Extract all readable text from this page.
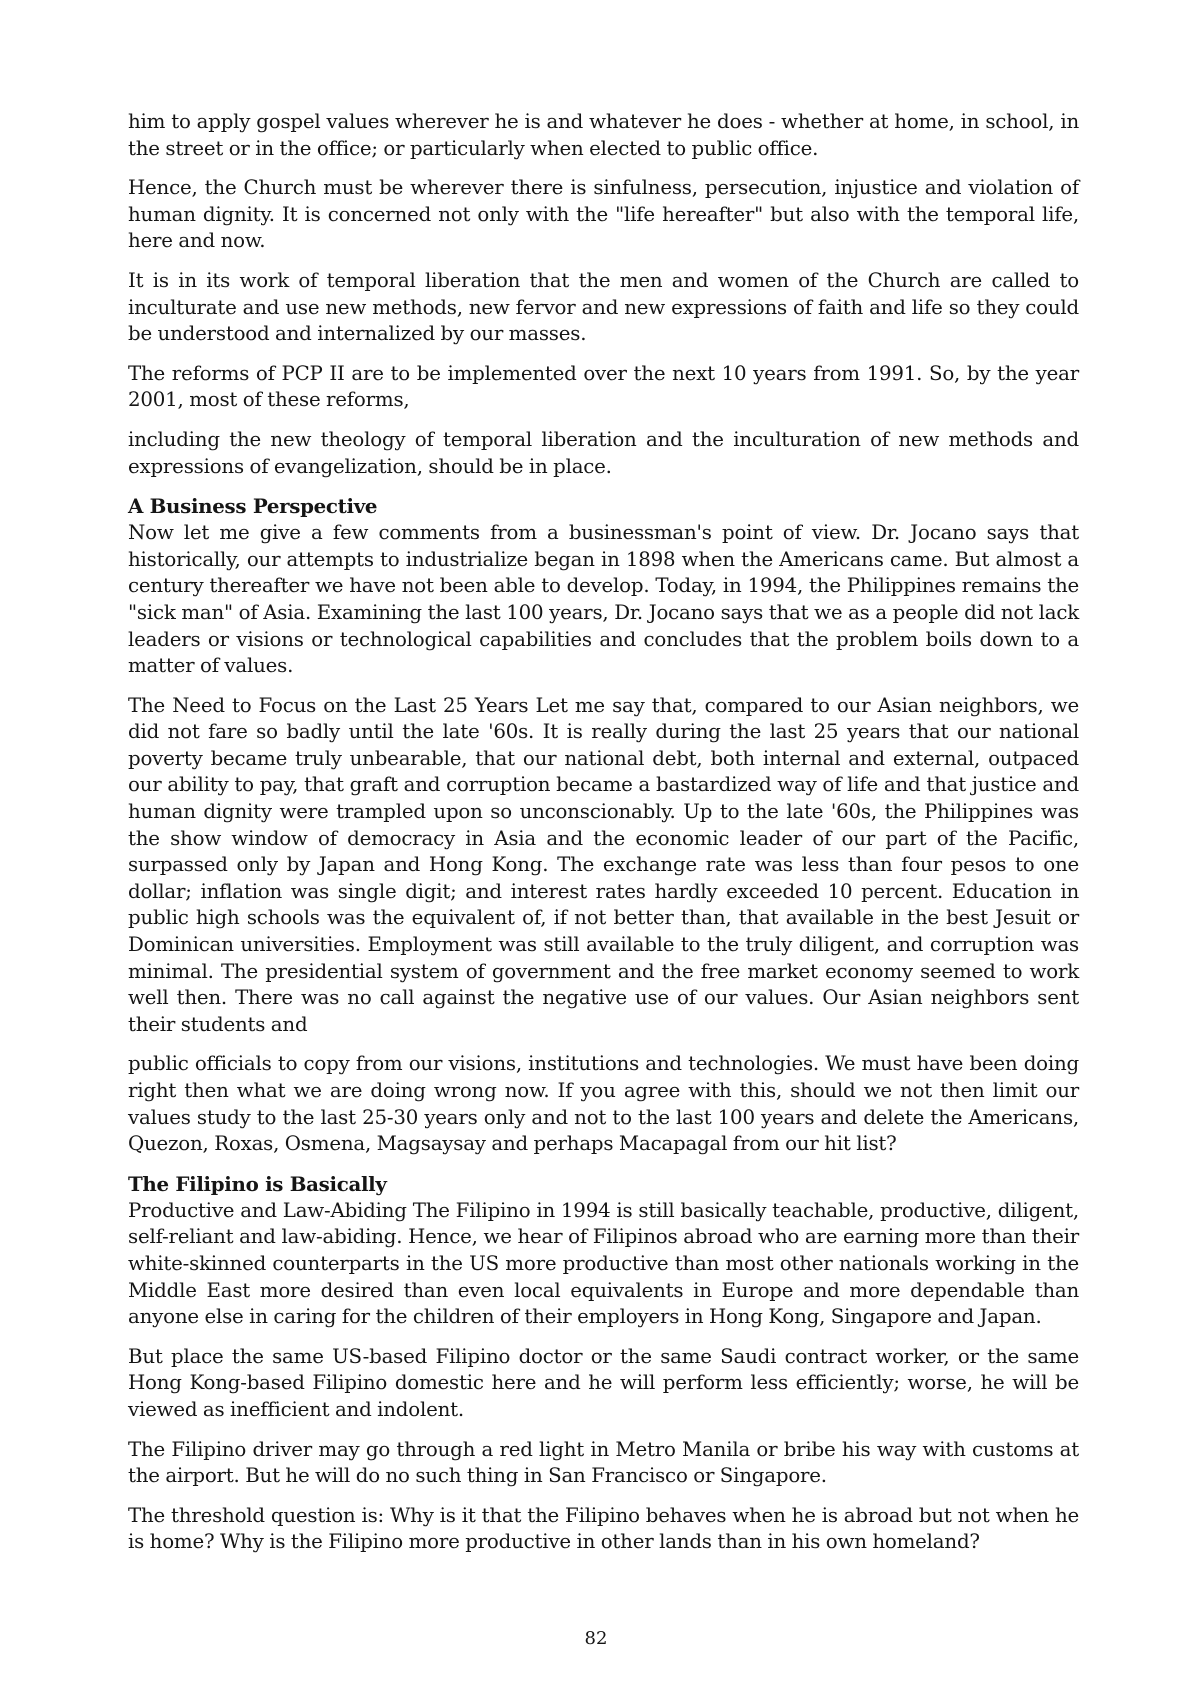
him to apply gospel values wherever he is and whatever he does - whether at home, in school, in the street or in the office; or particularly when elected to public office.

Hence, the Church must be wherever there is sinfulness, persecution, injustice and violation of human dignity. It is concerned not only with the "life hereafter" but also with the temporal life, here and now.

It is in its work of temporal liberation that the men and women of the Church are called to inculturate and use new methods, new fervor and new expressions of faith and life so they could be understood and internalized by our masses.

The reforms of PCP II are to be implemented over the next 10 years from 1991. So, by the year 2001, most of these reforms,

including the new theology of temporal liberation and the inculturation of new methods and expressions of evangelization, should be in place.

A Business Perspective

Now let me give a few comments from a businessman's point of view. Dr. Jocano says that historically, our attempts to industrialize began in 1898 when the Americans came. But almost a century thereafter we have not been able to develop. Today, in 1994, the Philippines remains the "sick man" of Asia. Examining the last 100 years, Dr. Jocano says that we as a people did not lack leaders or visions or technological capabilities and concludes that the problem boils down to a matter of values.

The Need to Focus on the Last 25 Years Let me say that, compared to our Asian neighbors, we did not fare so badly until the late '60s. It is really during the last 25 years that our national poverty became truly unbearable, that our national debt, both internal and external, outpaced our ability to pay, that graft and corruption became a bastardized way of life and that justice and human dignity were trampled upon so unconscionably. Up to the late '60s, the Philippines was the show window of democracy in Asia and the economic leader of our part of the Pacific, surpassed only by Japan and Hong Kong. The exchange rate was less than four pesos to one dollar; inflation was single digit; and interest rates hardly exceeded 10 percent. Education in public high schools was the equivalent of, if not better than, that available in the best Jesuit or Dominican universities. Employment was still available to the truly diligent, and corruption was minimal. The presidential system of government and the free market economy seemed to work well then. There was no call against the negative use of our values. Our Asian neighbors sent their students and

public officials to copy from our visions, institutions and technologies. We must have been doing right then what we are doing wrong now. If you agree with this, should we not then limit our values study to the last 25-30 years only and not to the last 100 years and delete the Americans, Quezon, Roxas, Osmena, Magsaysay and perhaps Macapagal from our hit list?

The Filipino is Basically

Productive and Law-Abiding The Filipino in 1994 is still basically teachable, productive, diligent, self-reliant and law-abiding. Hence, we hear of Filipinos abroad who are earning more than their white-skinned counterparts in the US more productive than most other nationals working in the Middle East more desired than even local equivalents in Europe and more dependable than anyone else in caring for the children of their employers in Hong Kong, Singapore and Japan.

But place the same US-based Filipino doctor or the same Saudi contract worker, or the same Hong Kong-based Filipino domestic here and he will perform less efficiently; worse, he will be viewed as inefficient and indolent.

The Filipino driver may go through a red light in Metro Manila or bribe his way with customs at the airport. But he will do no such thing in San Francisco or Singapore.

The threshold question is: Why is it that the Filipino behaves when he is abroad but not when he is home? Why is the Filipino more productive in other lands than in his own homeland?

82
